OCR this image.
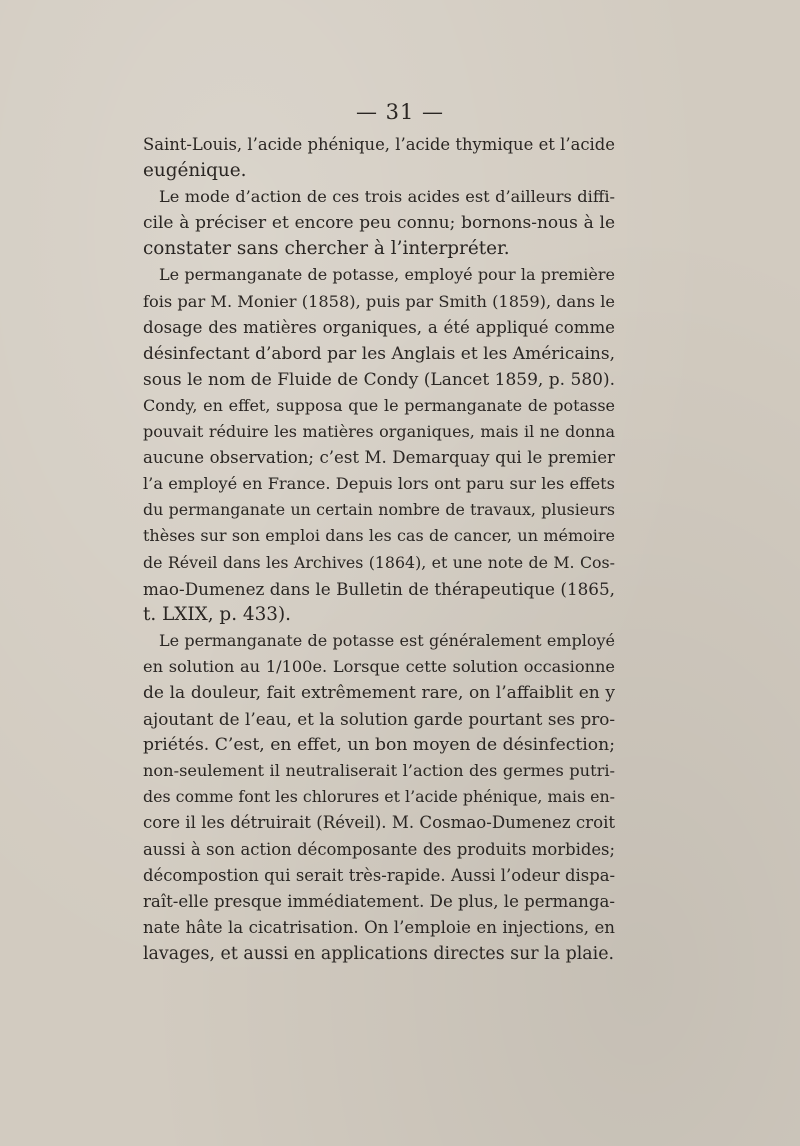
— 31 —

Saint-Louis, l’acide phénique, l’acide thymique et l’acide
eugénique.

Le mode d’action de ces trois acides est d’ailleurs diffi-
cile à préciser et encore peu connu; bornons-nous à le
constater sans chercher à l’interpréter.

Le permanganate de potasse, employé pour la première
fois par M. Monier (1858), puis par Smith (1859), dans le
dosage des matières organiques, a été appliqué comme
désinfectant d’abord par les Anglais et les Américains,
sous le nom de Fluide de Condy (Lancet 1859, p. 580).
Condy, en effet, supposa que le permanganate de potasse
pouvait réduire les matières organiques, mais il ne donna
aucune observation; c’est M. Demarquay qui le premier
l’a employé en France. Depuis lors ont paru sur les effets
du permanganate un certain nombre de travaux, plusieurs
thèses sur son emploi dans les cas de cancer, un mémoire
de Réveil dans les Archives (1864), et une note de M. Cos-
mao-Dumenez dans le Bulletin de thérapeutique (1865,
t. LXIX, p. 433).

Le permanganate de potasse est généralement employé
en solution au 1/100e. Lorsque cette solution occasionne
de la douleur, fait extrêmement rare, on l’affaiblit en y
ajoutant de l’eau, et la solution garde pourtant ses pro-
priétés. C’est, en effet, un bon moyen de désinfection;
non-seulement il neutraliserait l’action des germes putri-
des comme font les chlorures et l’acide phénique, mais en-
core il les détruirait (Réveil). M. Cosmao-Dumenez croit
aussi à son action décomposante des produits morbides;
décompostion qui serait très-rapide. Aussi l’odeur dispa-
raît-elle presque immédiatement. De plus, le permanga-
nate hâte la cicatrisation. On l’emploie en injections, en
lavages, et aussi en applications directes sur la plaie.
